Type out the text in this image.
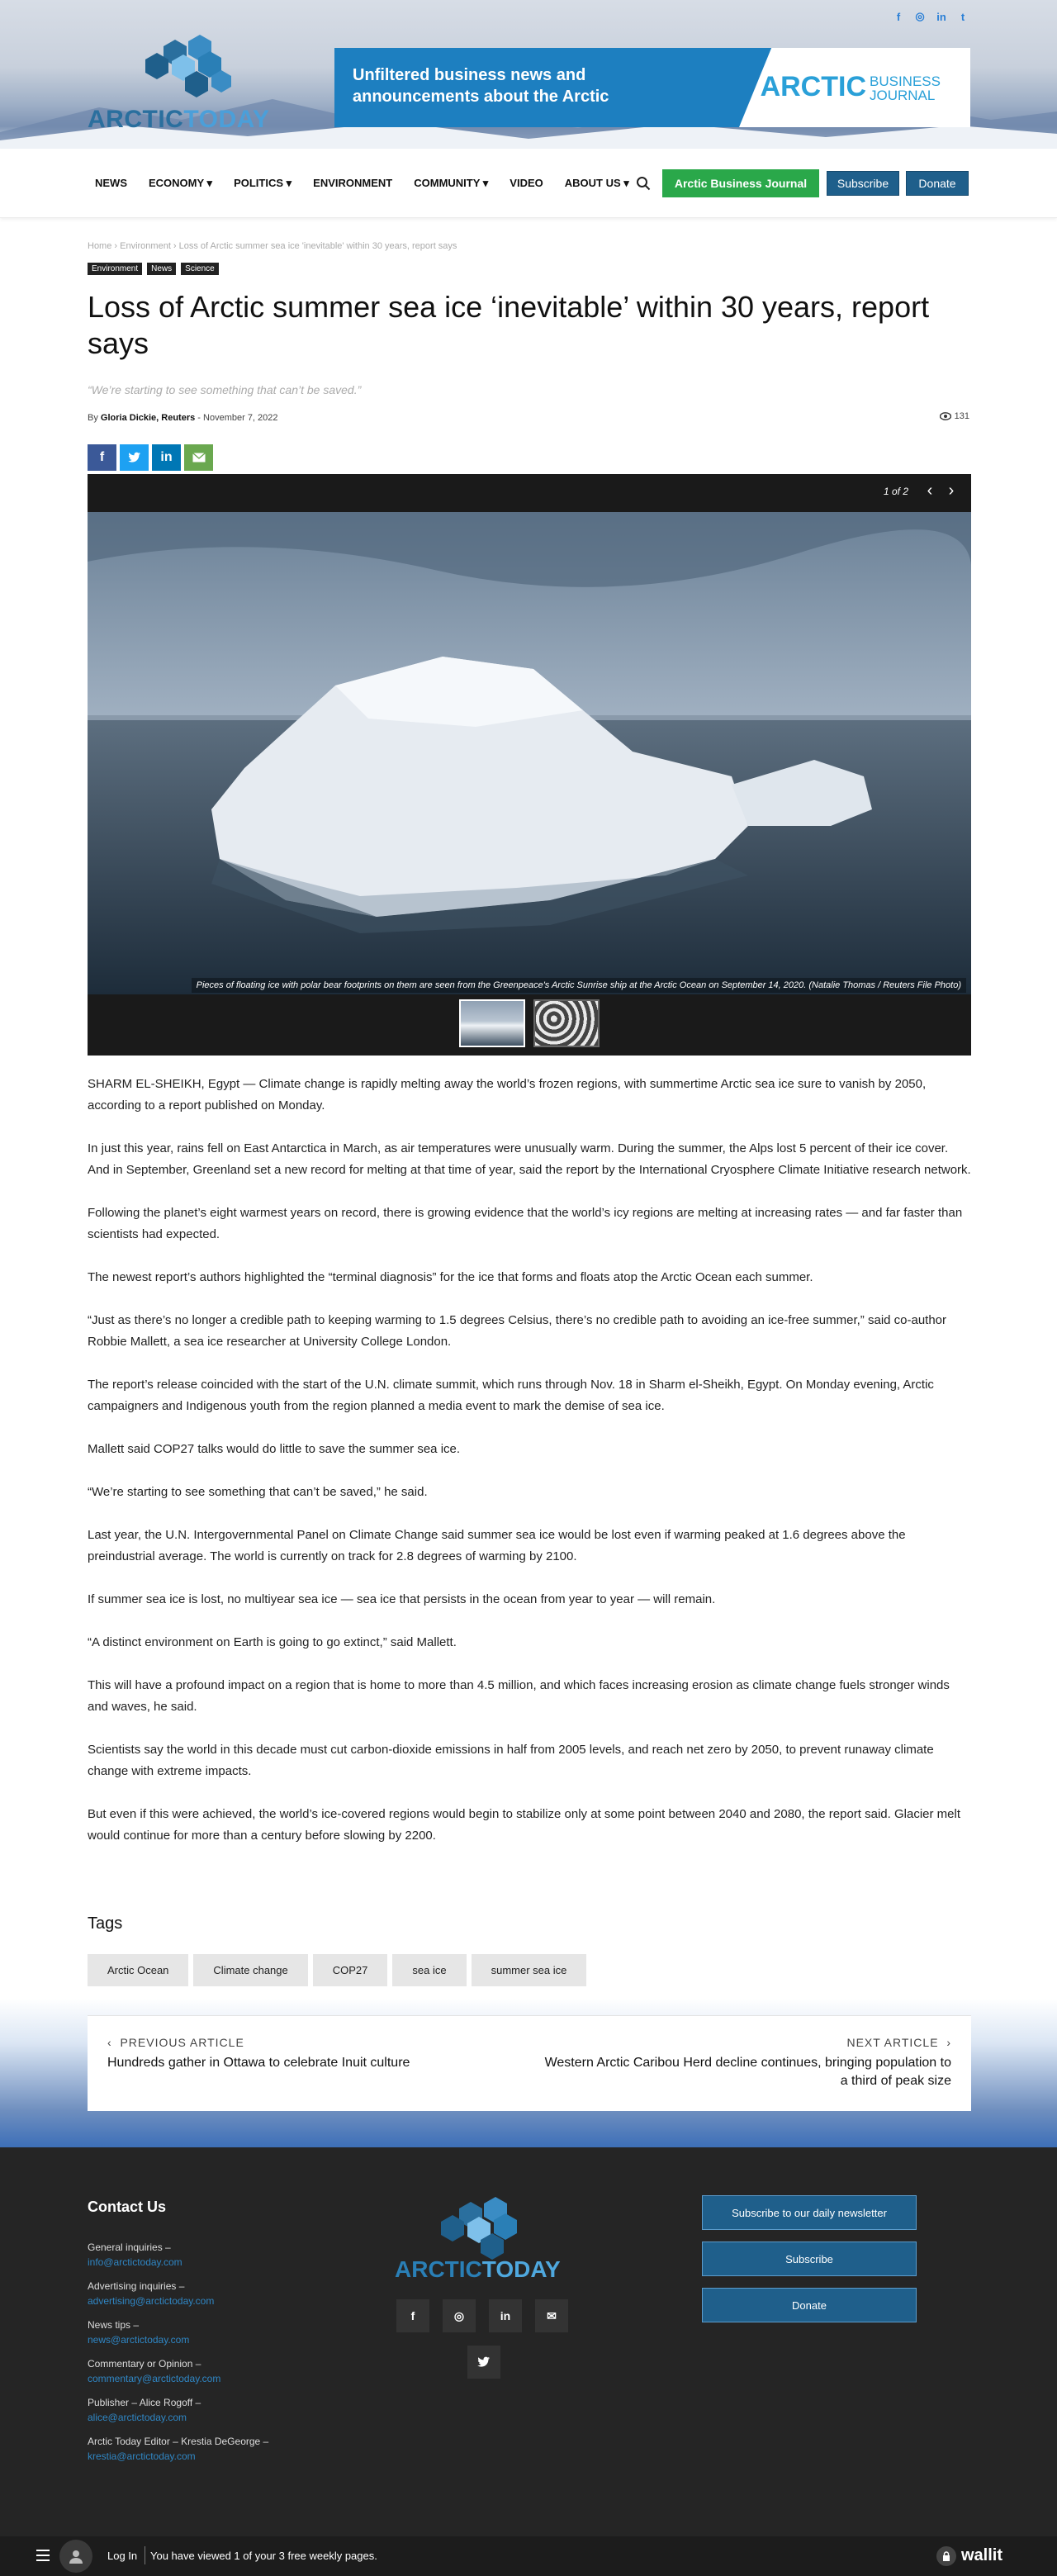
f	◎ in	t
ARCTICTODAY
Unfiltered business news and announcements about the Arctic	ARCTIC BUSINESS JOURNAL
NEWS ECONOMY ▾ POLITICS ▾ ENVIRONMENT COMMUNITY ▾ VIDEO ABOUT US ▾	Arctic Business Journal	Subscribe	Donate
Home › Environment › Loss of Arctic summer sea ice 'inevitable' within 30 years, report says
Environment	News	Science
Loss of Arctic summer sea ice ‘inevitable’ within 30 years, report says
“We’re starting to see something that can’t be saved.”
By Gloria Dickie, Reuters - November 7, 2022	131
f	in
1 of 2	‹ ›
Pieces of floating ice with polar bear footprints on them are seen from the Greenpeace's Arctic Sunrise ship at the Arctic Ocean on September 14, 2020. (Natalie Thomas / Reuters File Photo)

SHARM EL-SHEIKH, Egypt — Climate change is rapidly melting away the world’s frozen regions, with summertime Arctic sea ice sure to vanish by 2050, according to a report published on Monday.

In just this year, rains fell on East Antarctica in March, as air temperatures were unusually warm. During the summer, the Alps lost 5 percent of their ice cover. And in September, Greenland set a new record for melting at that time of year, said the report by the International Cryosphere Climate Initiative research network.

Following the planet’s eight warmest years on record, there is growing evidence that the world’s icy regions are melting at increasing rates — and far faster than scientists had expected.

The newest report’s authors highlighted the “terminal diagnosis” for the ice that forms and floats atop the Arctic Ocean each summer.

“Just as there’s no longer a credible path to keeping warming to 1.5 degrees Celsius, there’s no credible path to avoiding an ice-free summer,” said co-author Robbie Mallett, a sea ice researcher at University College London.

The report’s release coincided with the start of the U.N. climate summit, which runs through Nov. 18 in Sharm el-Sheikh, Egypt. On Monday evening, Arctic campaigners and Indigenous youth from the region planned a media event to mark the demise of sea ice.

Mallett said COP27 talks would do little to save the summer sea ice.

“We’re starting to see something that can’t be saved,” he said.

Last year, the U.N. Intergovernmental Panel on Climate Change said summer sea ice would be lost even if warming peaked at 1.6 degrees above the preindustrial average. The world is currently on track for 2.8 degrees of warming by 2100.

If summer sea ice is lost, no multiyear sea ice — sea ice that persists in the ocean from year to year — will remain.

“A distinct environment on Earth is going to go extinct,” said Mallett.

This will have a profound impact on a region that is home to more than 4.5 million, and which faces increasing erosion as climate change fuels stronger winds and waves, he said.

Scientists say the world in this decade must cut carbon-dioxide emissions in half from 2005 levels, and reach net zero by 2050, to prevent runaway climate change with extreme impacts.

But even if this were achieved, the world’s ice-covered regions would begin to stabilize only at some point between 2040 and 2080, the report said. Glacier melt would continue for more than a century before slowing by 2200.

Tags
Arctic Ocean	Climate change	COP27	sea ice	summer sea ice
‹  PREVIOUS ARTICLE
Hundreds gather in Ottawa to celebrate Inuit culture
NEXT ARTICLE  ›
Western Arctic Caribou Herd decline continues, bringing population to a third of peak size
Contact Us
General inquiries –
info@arctictoday.com
Advertising inquiries –
advertising@arctictoday.com
News tips –
news@arctictoday.com
Commentary or Opinion –
commentary@arctictoday.com
Publisher – Alice Rogoff –
alice@arctictoday.com
Arctic Today Editor – Krestia DeGeorge –
krestia@arctictoday.com
ARCTICTODAY
f	◎	in	✉
Subscribe to our daily newsletter
Subscribe
Donate
Log In You have viewed 1 of your 3 free weekly pages.	wallit
